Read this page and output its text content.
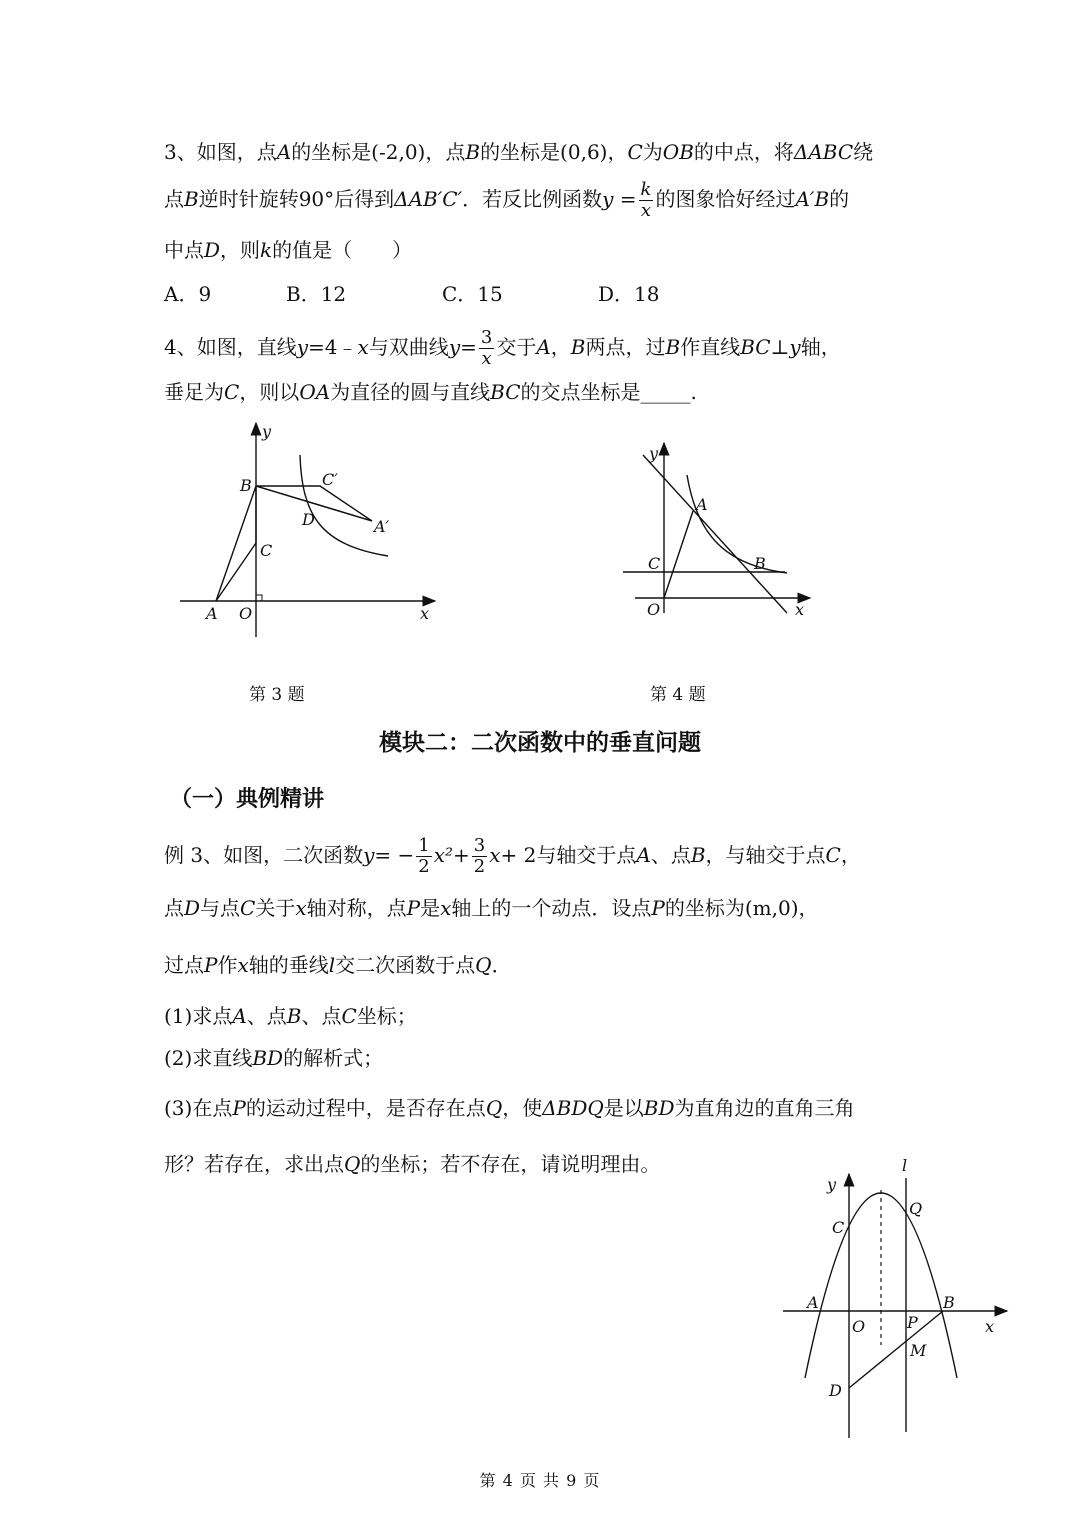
3、如图，点A的坐标是(-2,0)，点B的坐标是(0,6)，C为OB的中点，将ΔABC绕
点B逆时针旋转90°后得到ΔAB′C′．若反比例函数$y = \frac{k}{x}$ 的图象恰好经过A′B的
中点D，则k的值是（　　）
A．9	B．12	C．15	D．18
4、如图，直线y=4﹣x与双曲线$y= \frac{3}{x}$ 交于A，B两点，过B作直线BC⊥y轴，
垂足为C，则以OA为直径的圆与直线BC的交点坐标是_____.
y
x
B
C
C′
D	A′
A O
第 3 题
y
A
C	B
O	x
第 4 题
模块二：二次函数中的垂直问题
（一）典例精讲
例 3、如图，二次函数$y= - \frac{1}{2} x^2+ \frac{3}{2} x+ 2$与轴交于点A、点B，与轴交于点C，
点D与点C关于x轴对称，点P是x轴上的一个动点．设点P的坐标为(m,0)，
过点P作x轴的垂线l交二次函数于点Q．
(1)求点A、点B、点C坐标；
(2)求直线BD的解析式；
(3)在点P的运动过程中，是否存在点Q，使ΔBDQ是以BD为直角边的直角三角
形？若存在，求出点Q的坐标；若不存在，请说明理由。	l
y
C
Q
A	B
O	P	x
M
D
第 4 页 共 9 页
